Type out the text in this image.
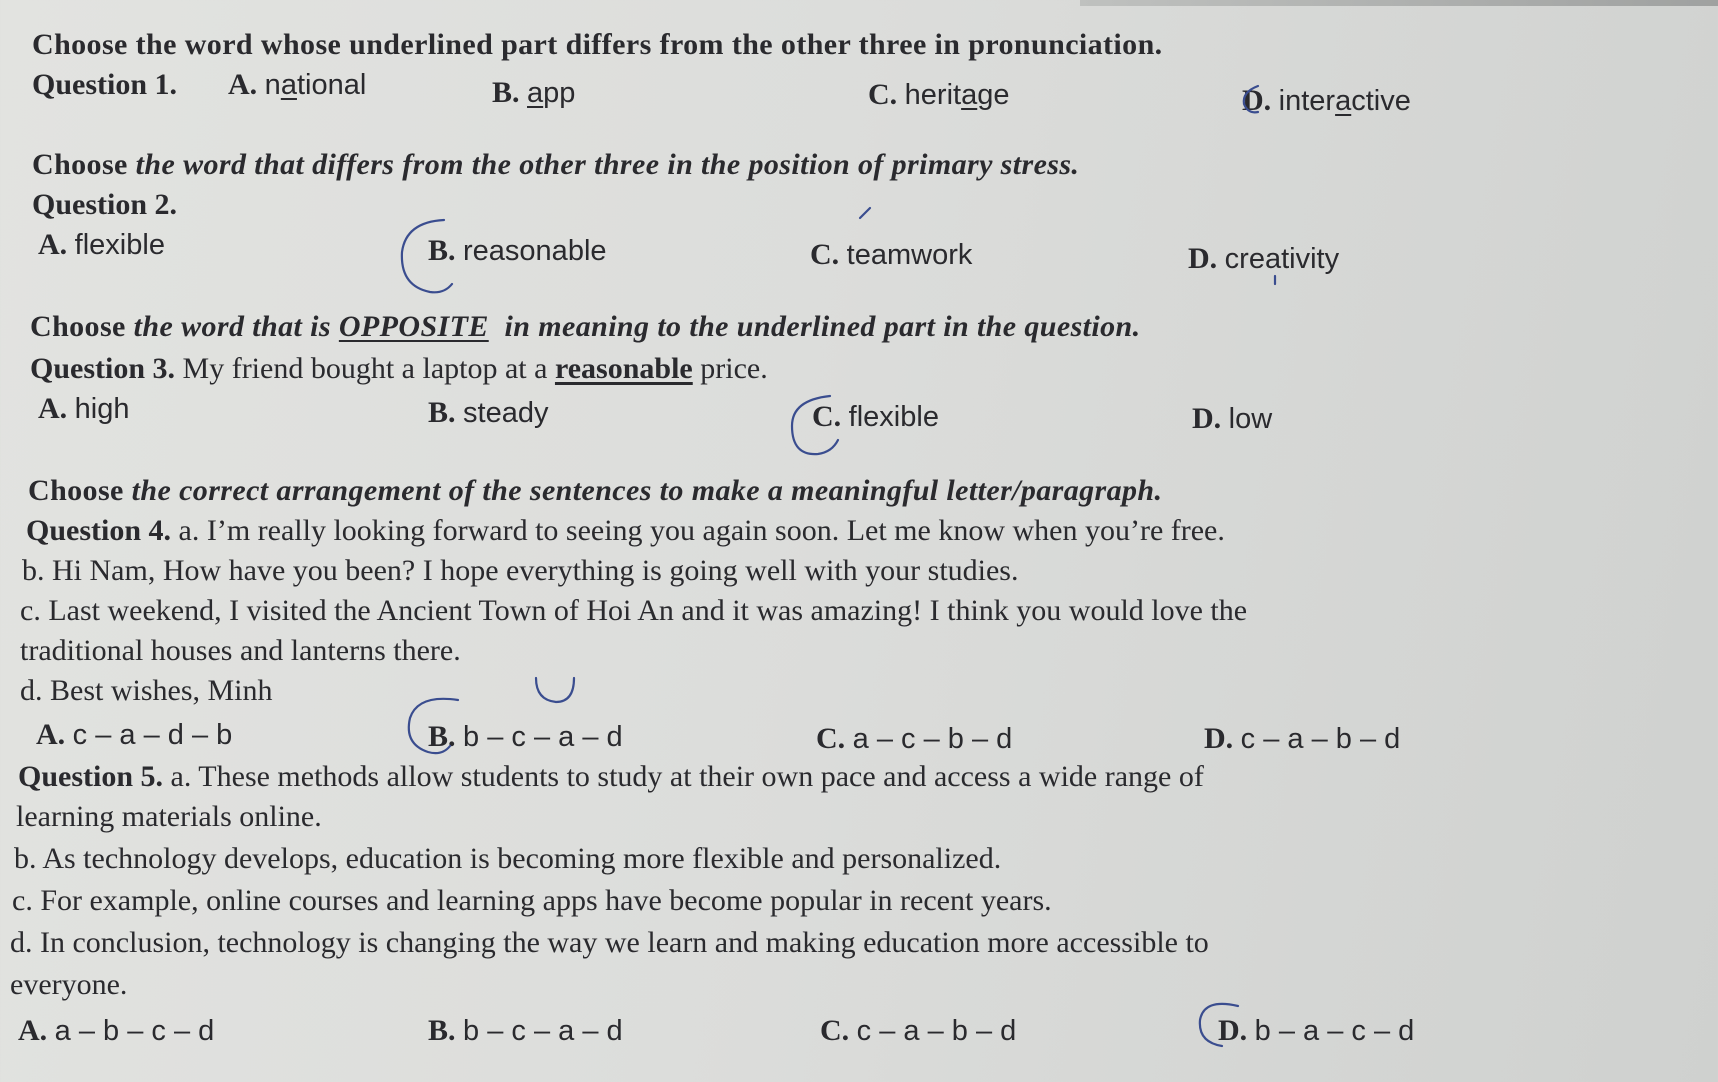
Choose the word whose underlined part differs from the other three in pronunciation.
Question 1. A. national	B. app	C. heritage	D. interactive
Choose the word that differs from the other three in the position of primary stress.
Question 2.
A. flexible	B. reasonable	C. teamwork	D. creativity
Choose the word that is OPPOSITE in meaning to the underlined part in the question.
Question 3. My friend bought a laptop at a reasonable price.
A. high	B. steady	C. flexible	D. low
Choose the correct arrangement of the sentences to make a meaningful letter/paragraph.
Question 4. a. I’m really looking forward to seeing you again soon. Let me know when you’re free.
b. Hi Nam, How have you been? I hope everything is going well with your studies.
c. Last weekend, I visited the Ancient Town of Hoi An and it was amazing! I think you would love the
traditional houses and lanterns there.
d. Best wishes, Minh
A. c – a – d – b	B. b – c – a – d	C. a – c – b – d	D. c – a – b – d
Question 5. a. These methods allow students to study at their own pace and access a wide range of
learning materials online.
b. As technology develops, education is becoming more flexible and personalized.
c. For example, online courses and learning apps have become popular in recent years.
d. In conclusion, technology is changing the way we learn and making education more accessible to
everyone.
A. a – b – c – d	B. b – c – a – d	C. c – a – b – d	D. b – a – c – d
